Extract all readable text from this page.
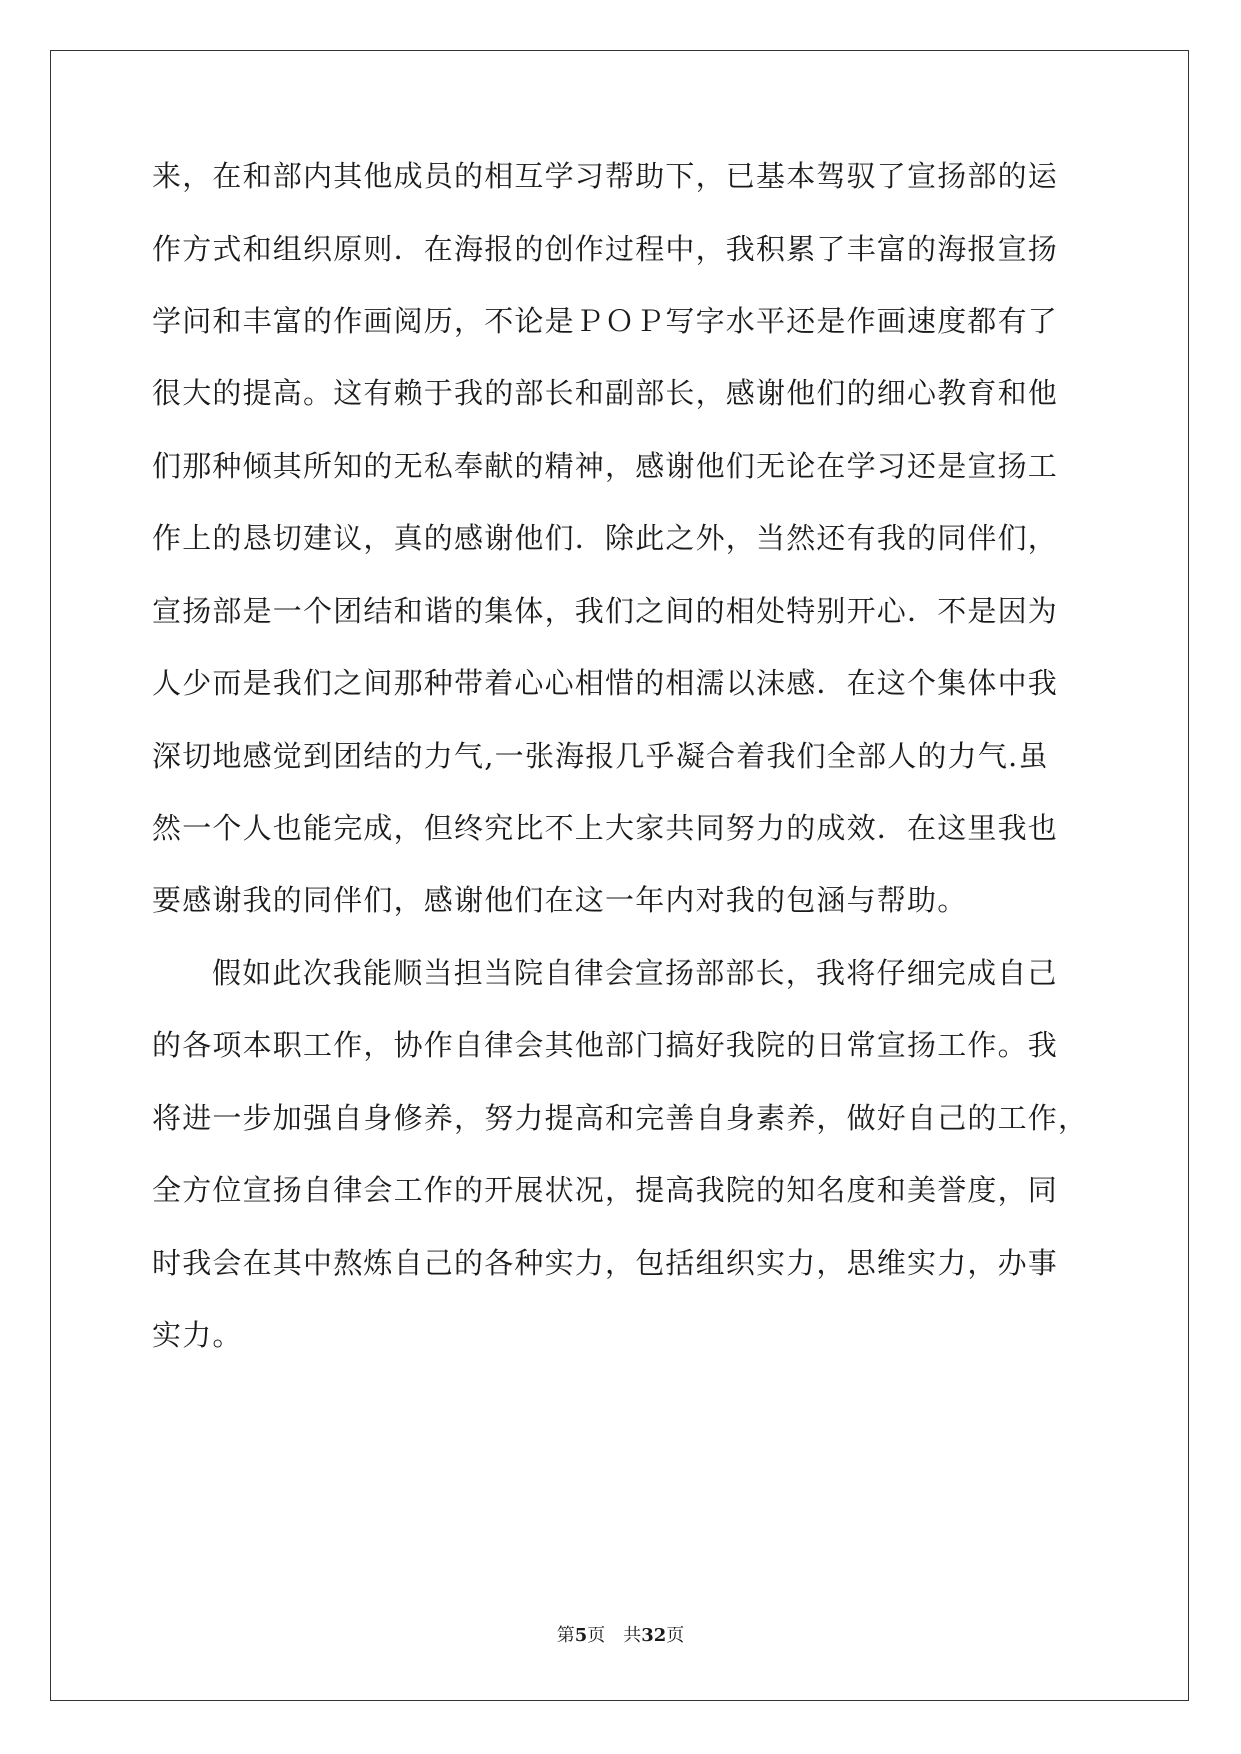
来，在和部内其他成员的相互学习帮助下，已基本驾驭了宣扬部的运
作方式和组织原则．在海报的创作过程中，我积累了丰富的海报宣扬
学问和丰富的作画阅历，不论是ＰＯＰ写字水平还是作画速度都有了
很大的提高。这有赖于我的部长和副部长，感谢他们的细心教育和他
们那种倾其所知的无私奉献的精神，感谢他们无论在学习还是宣扬工
作上的恳切建议，真的感谢他们．除此之外，当然还有我的同伴们，
宣扬部是一个团结和谐的集体，我们之间的相处特别开心．不是因为
人少而是我们之间那种带着心心相惜的相濡以沫感．在这个集体中我
深切地感觉到团结的力气,一张海报几乎凝合着我们全部人的力气.虽
然一个人也能完成，但终究比不上大家共同努力的成效．在这里我也
要感谢我的同伴们，感谢他们在这一年内对我的包涵与帮助。
假如此次我能顺当担当院自律会宣扬部部长，我将仔细完成自己
的各项本职工作，协作自律会其他部门搞好我院的日常宣扬工作。我
将进一步加强自身修养，努力提高和完善自身素养，做好自己的工作，
全方位宣扬自律会工作的开展状况，提高我院的知名度和美誉度，同
时我会在其中熬炼自己的各种实力，包括组织实力，思维实力，办事
实力。
第5页 共32页
